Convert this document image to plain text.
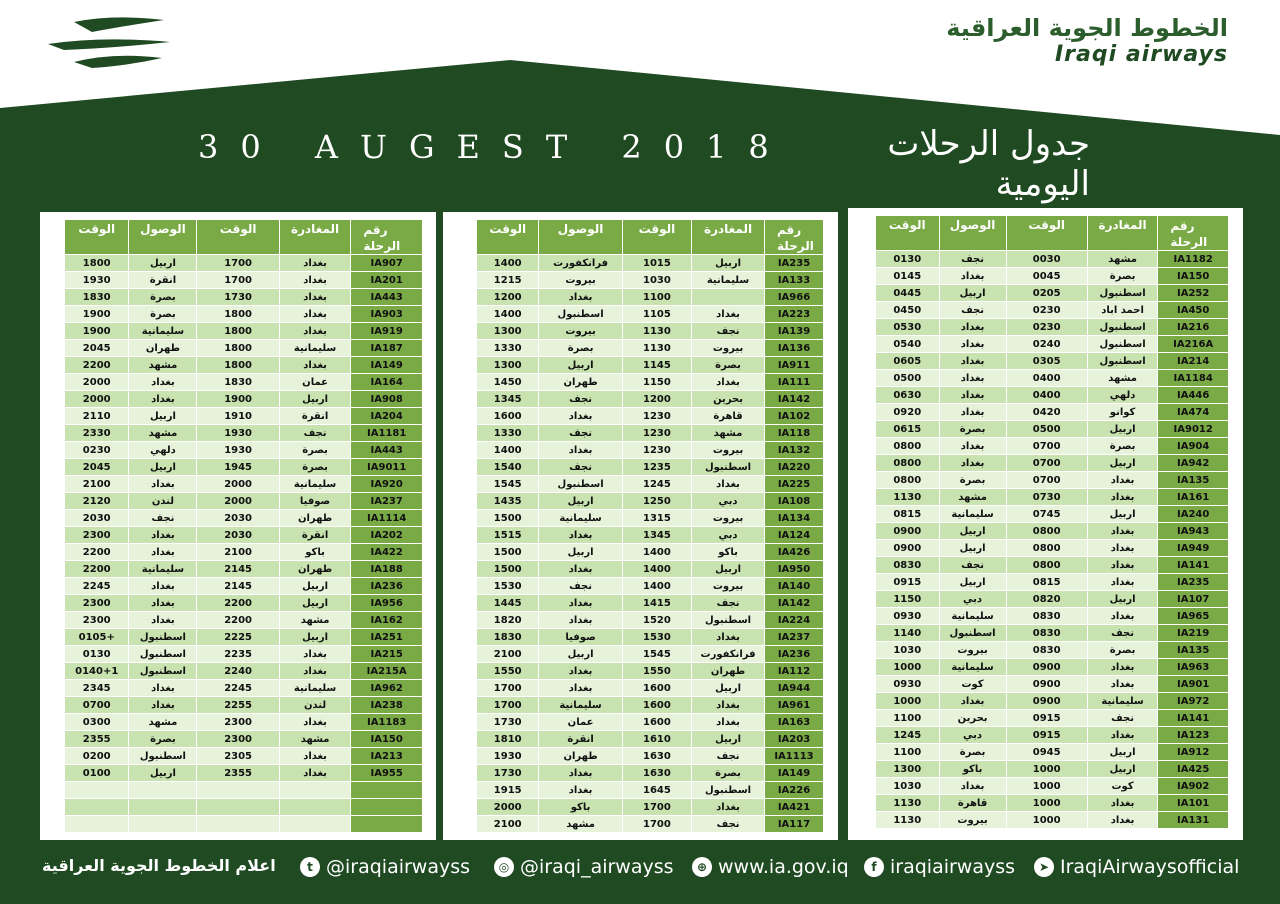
الخطوط الجوية العراقية
Iraqi airways
30 AUGEST 2018	جدول الرحلات اليومية
الوقت	الوصول	الوقت	المغادرة	رقم الرحلة
1800	اربيل	1700	بغداد	IA907
1930	انقرة	1700	بغداد	IA201
1830	بصرة	1730	بغداد	IA443
1900	بصرة	1800	بغداد	IA903
1900	سليمانية	1800	بغداد	IA919
2045	طهران	1800	سليمانية	IA187
2200	مشهد	1800	بغداد	IA149
2000	بغداد	1830	عمان	IA164
2000	بغداد	1900	اربيل	IA908
2110	اربيل	1910	انقرة	IA204
2330	مشهد	1930	نجف	IA1181
0230	دلهي	1930	بصرة	IA443
2045	اربيل	1945	بصرة	IA9011
2100	بغداد	2000	سليمانية	IA920
2120	لندن	2000	صوفيا	IA237
2030	نجف	2030	طهران	IA1114
2300	بغداد	2030	انقرة	IA202
2200	بغداد	2100	باكو	IA422
2200	سليمانية	2145	طهران	IA188
2245	بغداد	2145	اربيل	IA236
2300	بغداد	2200	اربيل	IA956
2300	بغداد	2200	مشهد	IA162
0105+	اسطنبول	2225	اربيل	IA251
0130	اسطنبول	2235	بغداد	IA215
0140+1	اسطنبول	2240	بغداد	IA215A
2345	بغداد	2245	سليمانية	IA962
0700	بغداد	2255	لندن	IA238
0300	مشهد	2300	بغداد	IA1183
2355	بصرة	2300	مشهد	IA150
0200	اسطنبول	2305	بغداد	IA213
0100	اربيل	2355	بغداد	IA955

الوقت	الوصول	الوقت	المغادرة	رقم الرحلة
1400	فرانكفورت	1015	اربيل	IA235
1215	بيروت	1030	سليمانية	IA133
1200	بغداد	1100		IA966
1400	اسطنبول	1105	بغداد	IA223
1300	بيروت	1130	نجف	IA139
1330	بصرة	1130	بيروت	IA136
1300	اربيل	1145	بصرة	IA911
1450	طهران	1150	بغداد	IA111
1345	نجف	1200	بحرين	IA142
1600	بغداد	1230	قاهرة	IA102
1330	نجف	1230	مشهد	IA118
1400	بغداد	1230	بيروت	IA132
1540	نجف	1235	اسطنبول	IA220
1545	اسطنبول	1245	بغداد	IA225
1435	اربيل	1250	دبي	IA108
1500	سليمانية	1315	بيروت	IA134
1515	بغداد	1345	دبي	IA124
1500	اربيل	1400	باكو	IA426
1500	بغداد	1400	اربيل	IA950
1530	نجف	1400	بيروت	IA140
1445	بغداد	1415	نجف	IA142
1820	بغداد	1520	اسطنبول	IA224
1830	صوفيا	1530	بغداد	IA237
2100	اربيل	1545	فرانكفورت	IA236
1550	بغداد	1550	طهران	IA112
1700	بغداد	1600	اربيل	IA944
1700	سليمانية	1600	بغداد	IA961
1730	عمان	1600	بغداد	IA163
1810	انقرة	1610	اربيل	IA203
1930	طهران	1630	نجف	IA1113
1730	بغداد	1630	بصرة	IA149
1915	بغداد	1645	اسطنبول	IA226
2000	باكو	1700	بغداد	IA421
2100	مشهد	1700	نجف	IA117
الوقت	الوصول	الوقت	المغادرة	رقم الرحلة
0130	نجف	0030	مشهد	IA1182
0145	بغداد	0045	بصرة	IA150
0445	اربيل	0205	اسطنبول	IA252
0450	نجف	0230	احمد اباد	IA450
0530	بغداد	0230	اسطنبول	IA216
0540	بغداد	0240	اسطنبول	IA216A
0605	بغداد	0305	اسطنبول	IA214
0500	بغداد	0400	مشهد	IA1184
0630	بغداد	0400	دلهي	IA446
0920	بغداد	0420	كوانو	IA474
0615	بصرة	0500	اربيل	IA9012
0800	بغداد	0700	بصرة	IA904
0800	بغداد	0700	اربيل	IA942
0800	بصرة	0700	بغداد	IA135
1130	مشهد	0730	بغداد	IA161
0815	سليمانية	0745	اربيل	IA240
0900	اربيل	0800	بغداد	IA943
0900	اربيل	0800	بغداد	IA949
0830	نجف	0800	بغداد	IA141
0915	اربيل	0815	بغداد	IA235
1150	دبي	0820	اربيل	IA107
0930	سليمانية	0830	بغداد	IA965
1140	اسطنبول	0830	نجف	IA219
1030	بيروت	0830	بصرة	IA135
1000	سليمانية	0900	بغداد	IA963
0930	كوت	0900	بغداد	IA901
1000	بغداد	0900	سليمانية	IA972
1100	بحرين	0915	نجف	IA141
1245	دبي	0915	بغداد	IA123
1100	بصرة	0945	اربيل	IA912
1300	باكو	1000	اربيل	IA425
1030	بغداد	1000	كوت	IA902
1130	قاهرة	1000	بغداد	IA101
1130	بيروت	1000	بغداد	IA131
اعلام الخطوط الجوية العراقية	t @iraqiairwayss	◎ @iraqi_airwayss	⊕ www.ia.gov.iq	f iraqiairwayss	➤ IraqiAirwaysofficial
